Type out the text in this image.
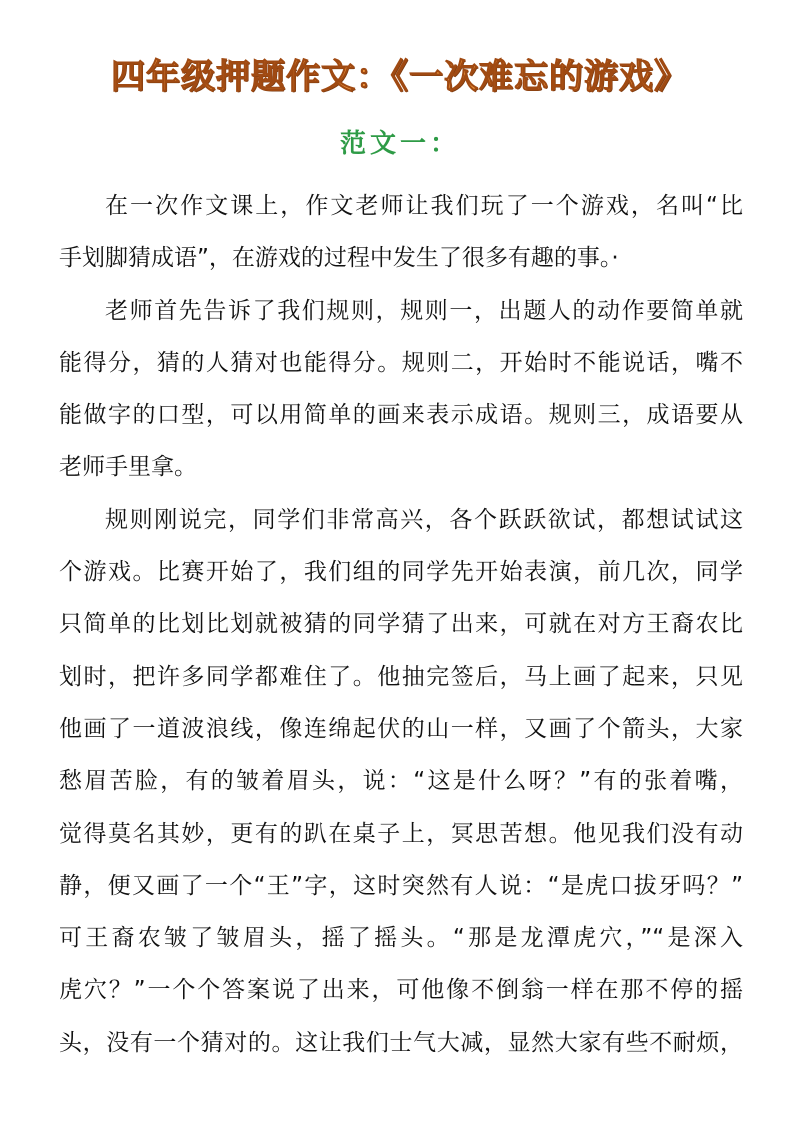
四年级押题作文：《一次难忘的游戏》
范文一：
在一次作文课上，作文老师让我们玩了一个游戏，名叫“比
手划脚猜成语”，在游戏的过程中发生了很多有趣的事。·
老师首先告诉了我们规则，规则一，出题人的动作要简单就
能得分，猜的人猜对也能得分。规则二，开始时不能说话，嘴不
能做字的口型，可以用简单的画来表示成语。规则三，成语要从
老师手里拿。
规则刚说完，同学们非常高兴，各个跃跃欲试，都想试试这
个游戏。比赛开始了，我们组的同学先开始表演，前几次，同学
只简单的比划比划就被猜的同学猜了出来，可就在对方王裔农比
划时，把许多同学都难住了。他抽完签后，马上画了起来，只见
他画了一道波浪线，像连绵起伏的山一样，又画了个箭头，大家
愁眉苦脸，有的皱着眉头，说：“这是什么呀？”有的张着嘴，
觉得莫名其妙，更有的趴在桌子上，冥思苦想。他见我们没有动
静，便又画了一个“王”字，这时突然有人说：“是虎口拔牙吗？”
可王裔农皱了皱眉头，摇了摇头。“那是龙潭虎穴，”“是深入
虎穴？”一个个答案说了出来，可他像不倒翁一样在那不停的摇
头，没有一个猜对的。这让我们士气大减，显然大家有些不耐烦，
